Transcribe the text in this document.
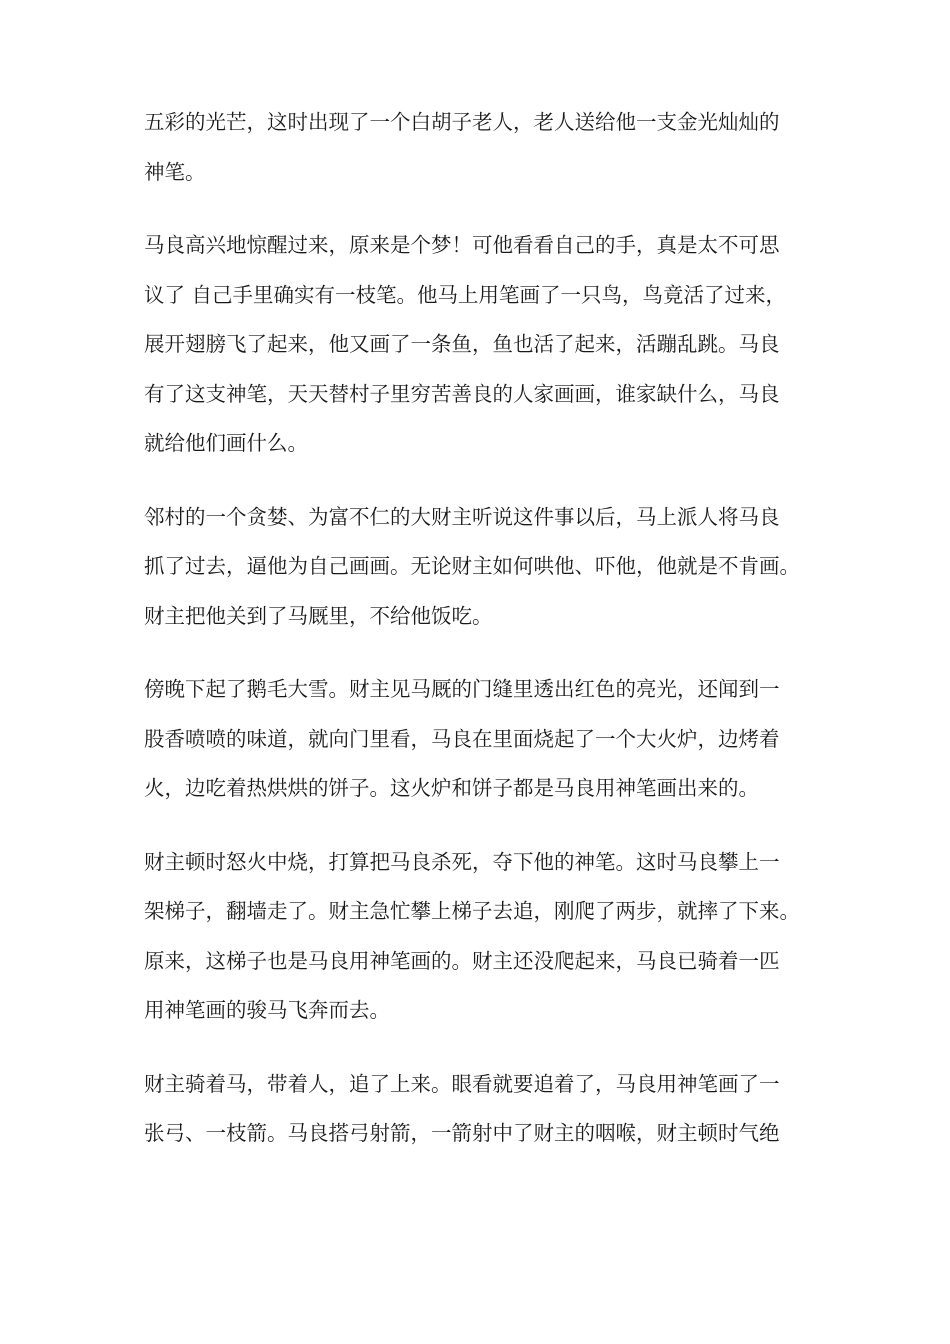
五彩的光芒，这时出现了一个白胡子老人，老人送给他一支金光灿灿的
神笔。

马良高兴地惊醒过来，原来是个梦！可他看看自己的手，真是太不可思
议了 自己手里确实有一枝笔。他马上用笔画了一只鸟，鸟竟活了过来，
展开翅膀飞了起来，他又画了一条鱼，鱼也活了起来，活蹦乱跳。马良
有了这支神笔，天天替村子里穷苦善良的人家画画，谁家缺什么，马良
就给他们画什么。

邻村的一个贪婪、为富不仁的大财主听说这件事以后，马上派人将马良
抓了过去，逼他为自己画画。无论财主如何哄他、吓他，他就是不肯画。
财主把他关到了马厩里，不给他饭吃。

傍晚下起了鹅毛大雪。财主见马厩的门缝里透出红色的亮光，还闻到一
股香喷喷的味道，就向门里看，马良在里面烧起了一个大火炉，边烤着
火，边吃着热烘烘的饼子。这火炉和饼子都是马良用神笔画出来的。

财主顿时怒火中烧，打算把马良杀死，夺下他的神笔。这时马良攀上一
架梯子，翻墙走了。财主急忙攀上梯子去追，刚爬了两步，就摔了下来。
原来，这梯子也是马良用神笔画的。财主还没爬起来，马良已骑着一匹
用神笔画的骏马飞奔而去。

财主骑着马，带着人，追了上来。眼看就要追着了，马良用神笔画了一
张弓、一枝箭。马良搭弓射箭，一箭射中了财主的咽喉，财主顿时气绝
